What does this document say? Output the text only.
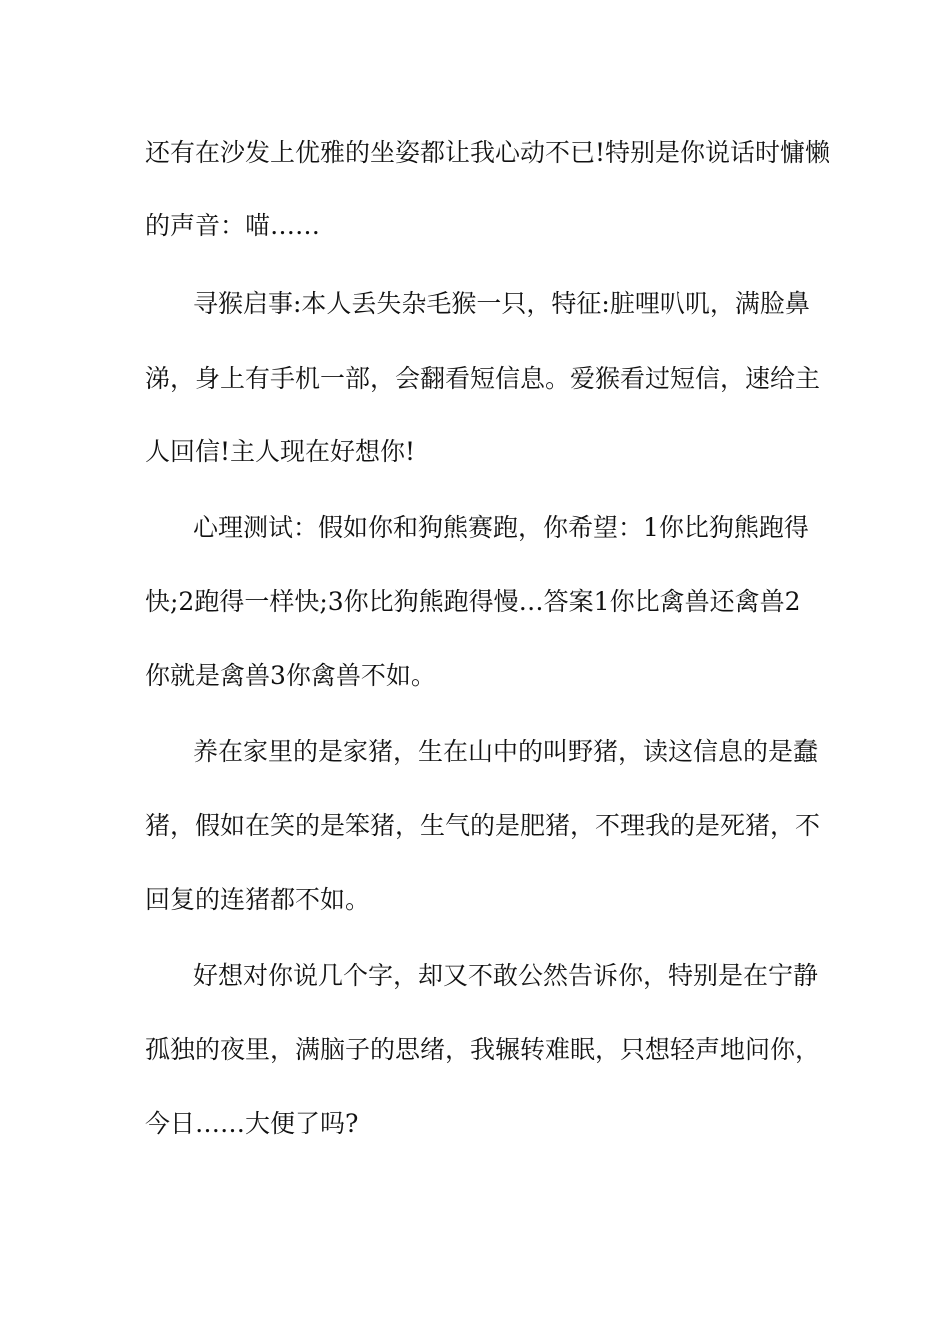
还有在沙发上优雅的坐姿都让我心动不已!特别是你说话时慵懒
的声音：喵……
寻猴启事:本人丢失杂毛猴一只，特征:脏哩叭叽，满脸鼻
涕，身上有手机一部，会翻看短信息。爱猴看过短信，速给主
人回信!主人现在好想你!
心理测试：假如你和狗熊赛跑，你希望：1你比狗熊跑得
快;2跑得一样快;3你比狗熊跑得慢…答案1你比禽兽还禽兽2
你就是禽兽3你禽兽不如。
养在家里的是家猪，生在山中的叫野猪，读这信息的是蠢
猪，假如在笑的是笨猪，生气的是肥猪，不理我的是死猪，不
回复的连猪都不如。
好想对你说几个字，却又不敢公然告诉你，特别是在宁静
孤独的夜里，满脑子的思绪，我辗转难眠，只想轻声地问你，
今日……大便了吗?
